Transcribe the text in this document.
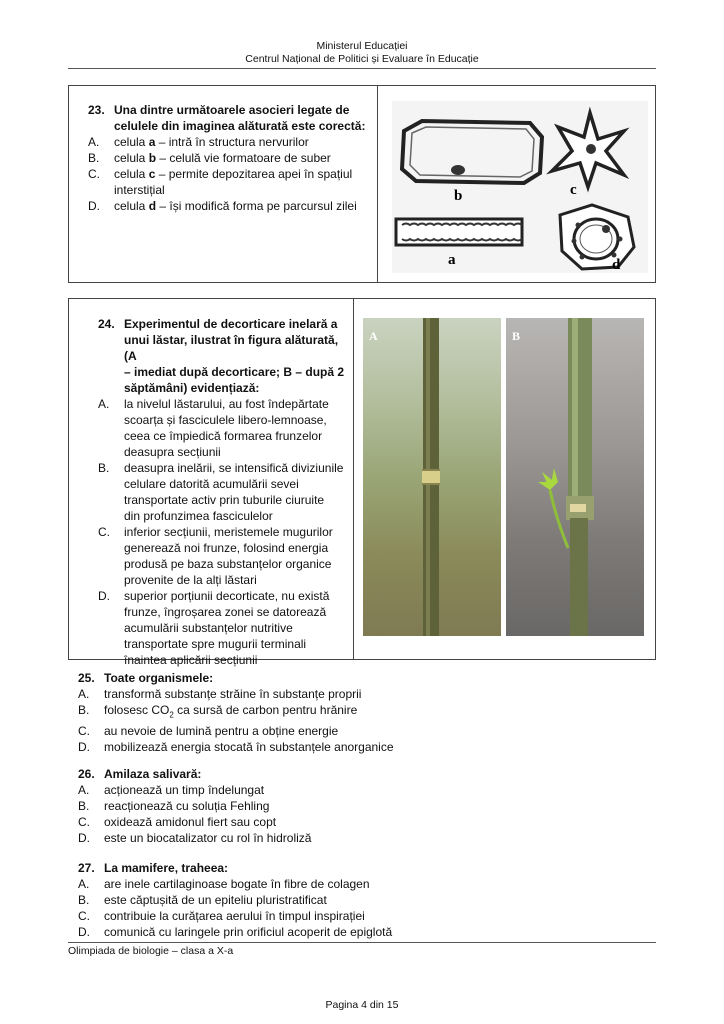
Ministerul Educației
Centrul Național de Politici și Evaluare în Educație
23. Una dintre următoarele asocieri legate de
celulele din imaginea alăturată este corectă:
A. celula a – intră în structura nervurilor
B. celula b – celulă vie formatoare de suber
C. celula c – permite depozitarea apei în spațiul
interstițial
D. celula d – își modifică forma pe parcursul zilei
b	c
a	d
24. Experimentul de decorticare inelară a
unui lăstar, ilustrat în figura alăturată, (A
– imediat după decorticare; B – după 2
săptămâni) evidențiază:
A. la nivelul lăstarului, au fost îndepărtate
scoarța și fasciculele libero-lemnoase,
ceea ce împiedică formarea frunzelor
deasupra secțiunii
B. deasupra inelării, se intensifică diviziunile
celulare datorită acumulării sevei
transportate activ prin tuburile ciuruite
din profunzimea fasciculelor
C. inferior secțiunii, meristemele mugurilor
generează noi frunze, folosind energia
produsă pe baza substanțelor organice
provenite de la alți lăstari
D. superior porțiunii decorticate, nu există
frunze, îngroșarea zonei se datorează
acumulării substanțelor nutritive
transportate spre mugurii terminali
înaintea aplicării secțiunii
A	B
25. Toate organismele:
A. transformă substanțe străine în substanțe proprii
B. folosesc $CO_2$ ca sursă de carbon pentru hrănire
C. au nevoie de lumină pentru a obține energie
D. mobilizează energia stocată în substanțele anorganice
26. Amilaza salivară:
A. acționează un timp îndelungat
B. reacționează cu soluția Fehling
C. oxidează amidonul fiert sau copt
D. este un biocatalizator cu rol în hidroliză
27. La mamifere, traheea:
A. are inele cartilaginoase bogate în fibre de colagen
B. este căptușită de un epiteliu pluristratificat
C. contribuie la curățarea aerului în timpul inspirației
D. comunică cu laringele prin orificiul acoperit de epiglotă
Olimpiada de biologie – clasa a X-a
Pagina 4 din 15
